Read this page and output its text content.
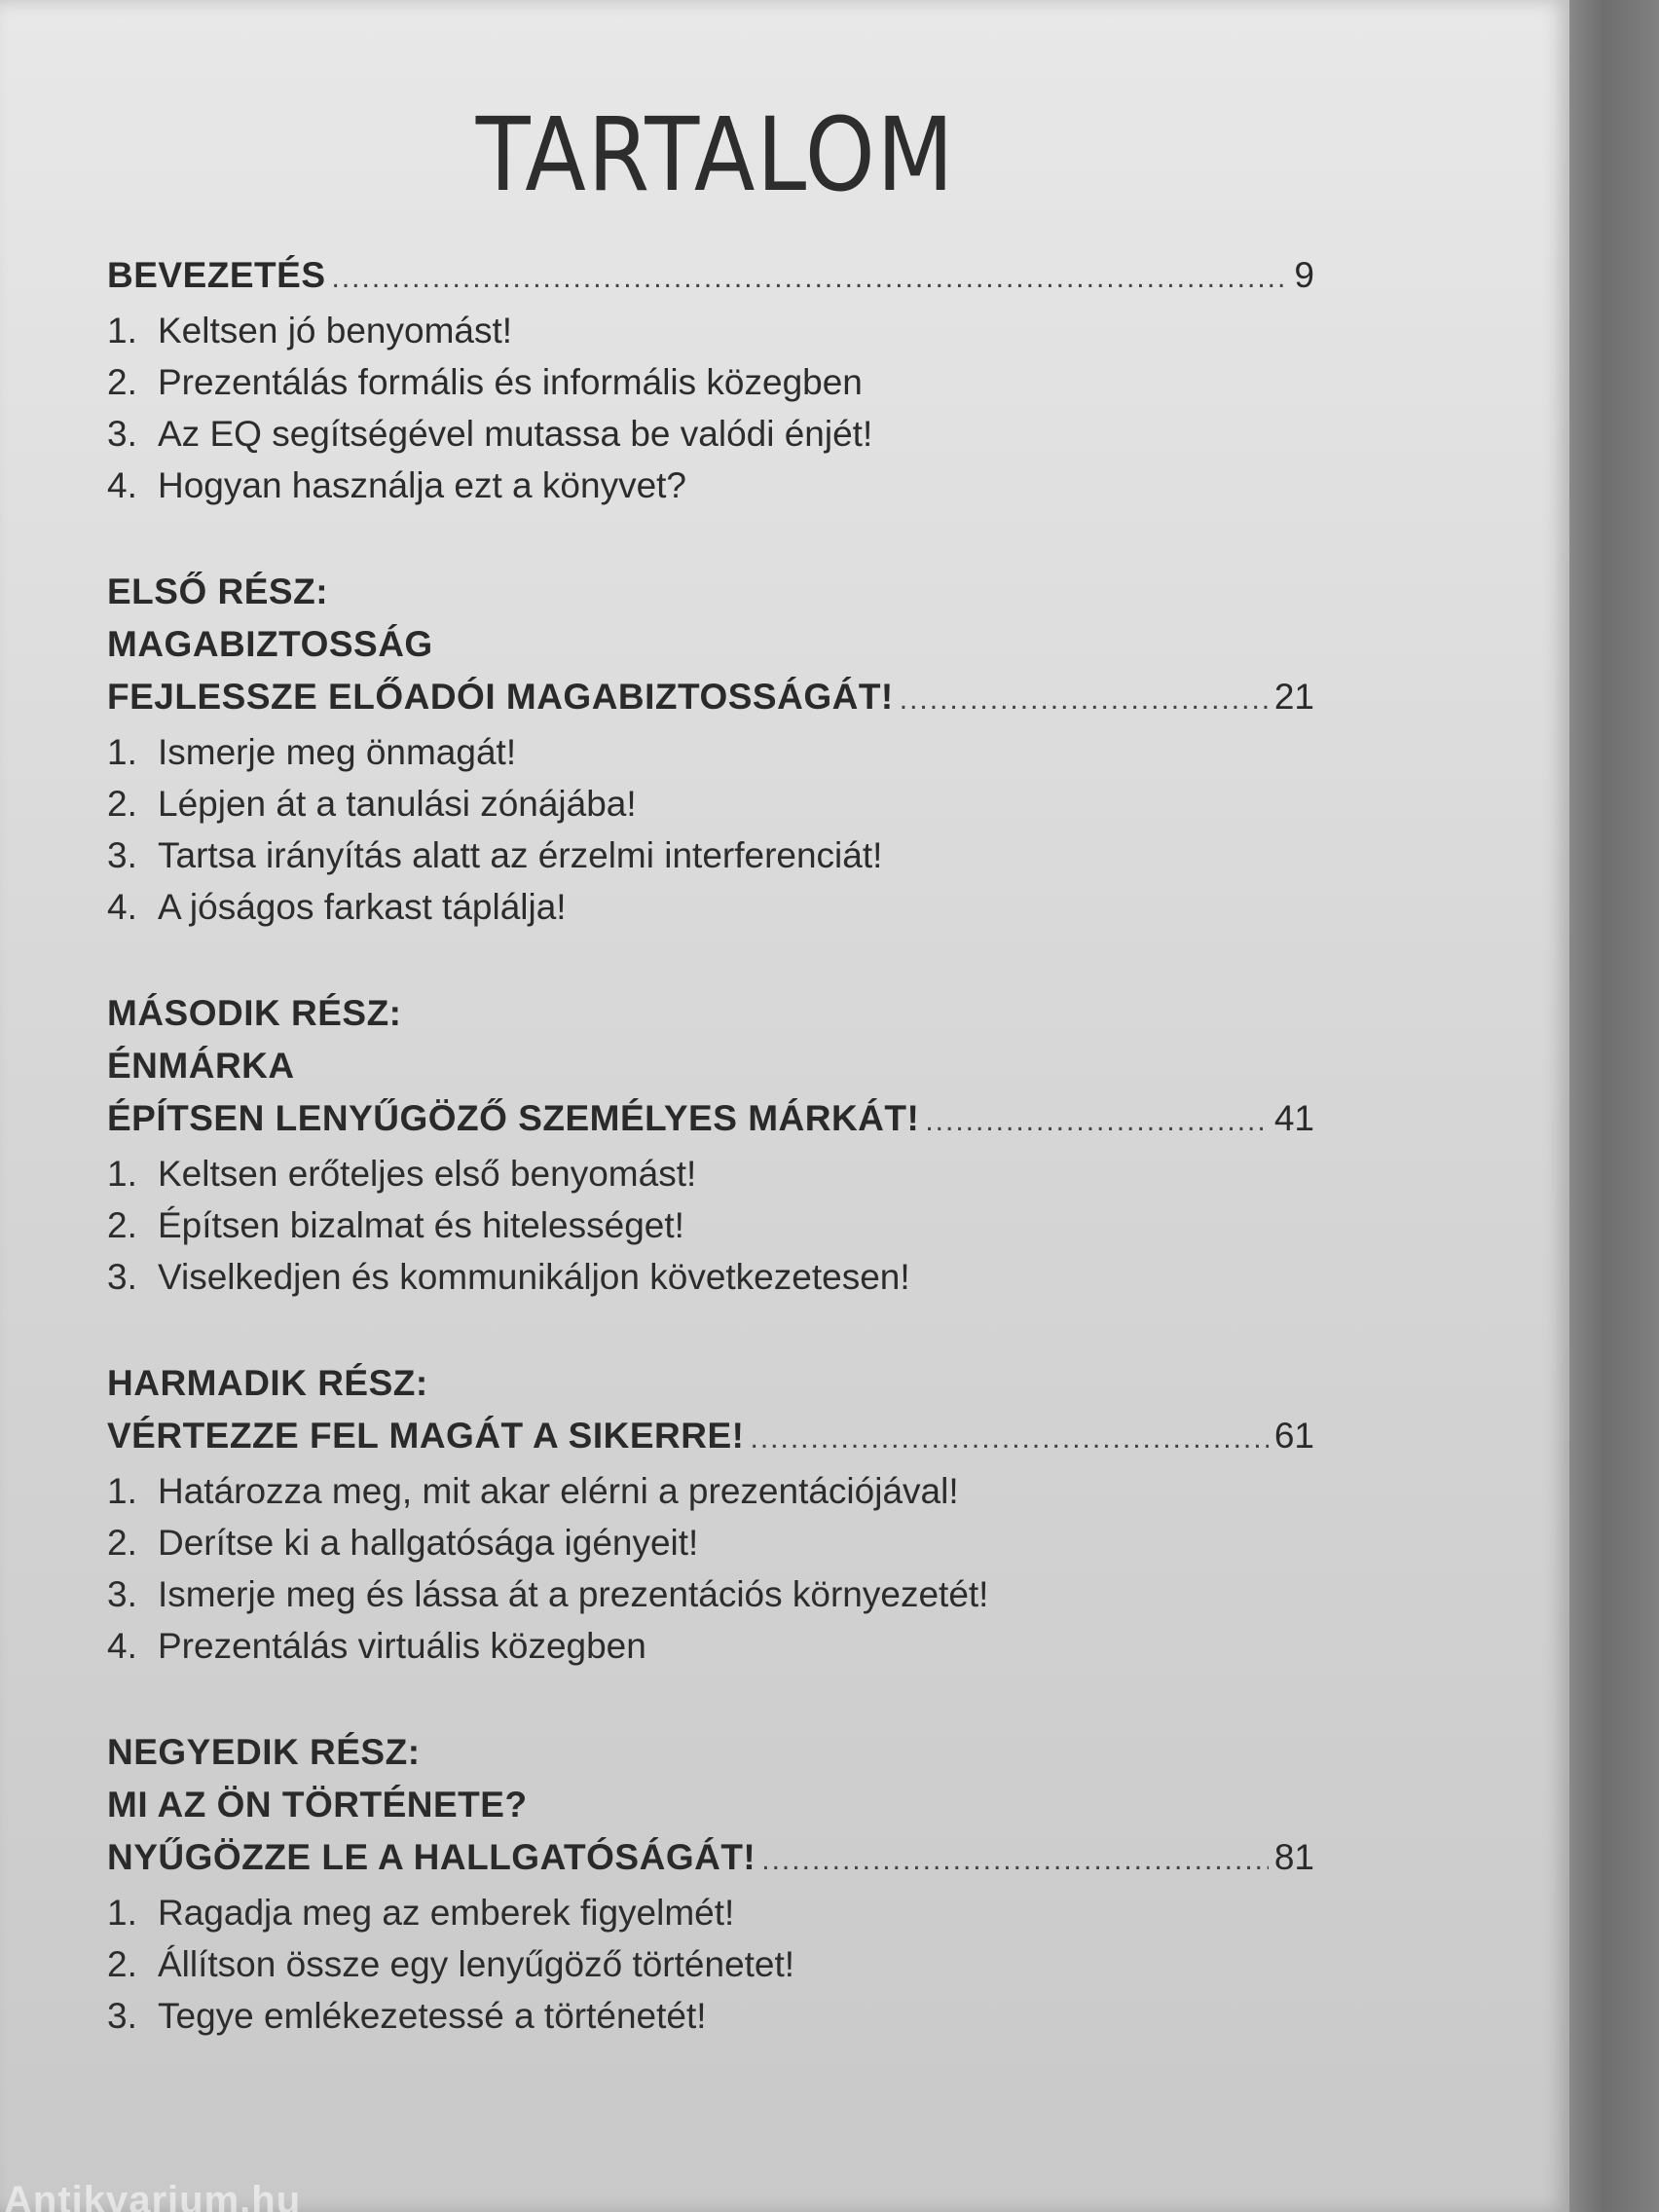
TARTALOM
BEVEZETÉS .....	9
1. Keltsen jó benyomást!
2. Prezentálás formális és informális közegben
3. Az EQ segítségével mutassa be valódi énjét!
4. Hogyan használja ezt a könyvet?
ELSŐ RÉSZ:
MAGABIZTOSSÁG
FEJLESSZE ELŐADÓI MAGABIZTOSSÁGÁT! .....	21
1. Ismerje meg önmagát!
2. Lépjen át a tanulási zónájába!
3. Tartsa irányítás alatt az érzelmi interferenciát!
4. A jóságos farkast táplálja!
MÁSODIK RÉSZ:
ÉNMÁRKA
ÉPÍTSEN LENYŰGÖZŐ SZEMÉLYES MÁRKÁT! .....	41
1. Keltsen erőteljes első benyomást!
2. Építsen bizalmat és hitelességet!
3. Viselkedjen és kommunikáljon következetesen!
HARMADIK RÉSZ:
VÉRTEZZE FEL MAGÁT A SIKERRE! .....	61
1. Határozza meg, mit akar elérni a prezentációjával!
2. Derítse ki a hallgatósága igényeit!
3. Ismerje meg és lássa át a prezentációs környezetét!
4. Prezentálás virtuális közegben
NEGYEDIK RÉSZ:
MI AZ ÖN TÖRTÉNETE?
NYŰGÖZZE LE A HALLGATÓSÁGÁT! .....	81
1. Ragadja meg az emberek figyelmét!
2. Állítson össze egy lenyűgöző történetet!
3. Tegye emlékezetessé a történetét!
Antikvarium.hu
